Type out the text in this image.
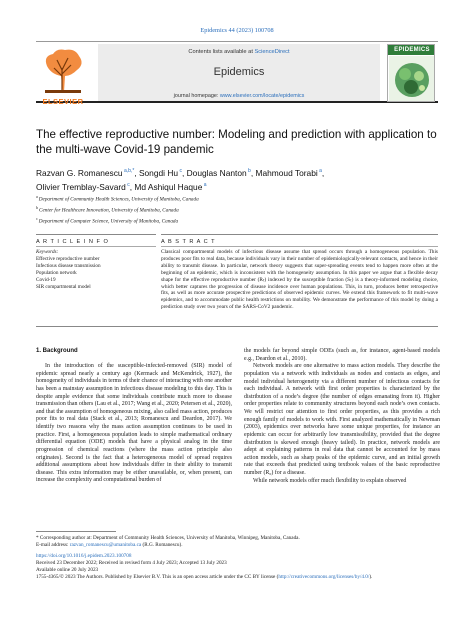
Epidemics 44 (2023) 100708
ELSEVIER
Contents lists available at ScienceDirect
Epidemics
journal homepage: www.elsevier.com/locate/epidemics
EPIDEMICS
The effective reproductive number: Modeling and prediction with application to the multi-wave Covid-19 pandemic
Razvan G. Romanescu $^{a,b,*}$, Songdi Hu $^c$, Douglas Nanton $^b$, Mahmoud Torabi $^a$,
Olivier Tremblay-Savard $^c$, Md Ashiqul Haque $^a$
$^a$ Department of Community Health Sciences, University of Manitoba, Canada
$^b$ Center for Healthcare Innovation, University of Manitoba, Canada
$^c$ Department of Computer Science, University of Manitoba, Canada
A R T I C L E I N F O	A B S T R A C T
Keywords:
Effective reproductive number
Infectious disease transmission
Population network
Covid-19
SIR compartmental model
Classical compartmental models of infectious disease assume that spread occurs through a homogeneous population. This produces poor fits to real data, because individuals vary in their number of epidemiologically-relevant contacts, and hence in their ability to transmit disease. In particular, network theory suggests that super-spreading events tend to happen more often at the beginning of an epidemic, which is inconsistent with the homogeneity assumption. In this paper we argue that a flexible decay shape for the effective reproductive number (Rₜ) indexed by the susceptible fraction (Sₜ) is a theory-informed modeling choice, which better captures the progression of disease incidence over human populations. This, in turn, produces better retrospective fits, as well as more accurate prospective predictions of observed epidemic curves. We extend this framework to fit multi-wave epidemics, and to accommodate public health restrictions on mobility. We demonstrate the performance of this model by doing a prediction study over two years of the SARS-CoV2 pandemic.
1. Background

In the introduction of the susceptible-infected-removed (SIR) model of epidemic spread nearly a century ago (Kermack and McKendrick, 1927), the homogeneity of individuals in terms of their chance of interacting with one another has been a mainstay assumption in infectious disease modeling to this day. This is despite ample evidence that some individuals contribute much more to disease transmission than others (Lau et al., 2017; Wang et al., 2020; Petersen et al., 2020), and that the assumption of homogeneous mixing, also called mass action, produces poor fits to real data (Stack et al., 2013; Romanescu and Deardon, 2017). We identify two reasons why the mass action assumption continues to be used in practice. First, a homogeneous population leads to simple mathematical ordinary differential equation (ODE) models that have a physical analog in the time progression of chemical reactions (where the mass action principle also originates). Second is the fact that a heterogeneous model of spread requires additional assumptions about how individuals differ in their ability to transmit disease. This extra information may be either unavailable, or, when present, can increase the complexity and computational burden of

the models far beyond simple ODEs (such as, for instance, agent-based models e.g., Deardon et al., 2010).

Network models are one alternative to mass action models. They describe the population via a network with individuals as nodes and contacts as edges, and model individual heterogeneity via a different number of infectious contacts for each individual. A network with first order properties is characterized by the distribution of a node’s degree (the number of edges emanating from it). Higher order properties relate to community structures beyond each node’s own contacts. We will restrict our attention to first order properties, as this provides a rich enough family of models to work with. First analyzed mathematically in Newman (2003), epidemics over networks have some unique properties, for instance an epidemic can occur for arbitrarily low transmissibility, provided that the degree distribution is skewed enough (heavy tailed). In practice, network models are adept at explaining patterns in real data that cannot be accounted for by mass action models, such as sharp peaks of the epidemic curve, and an initial growth rate that exceeds that predicted using textbook values of the basic reproductive number (R₀) for a disease.

While network models offer much flexibility to explain observed

* Corresponding author at: Department of Community Health Sciences, University of Manitoba, Winnipeg, Manitoba, Canada.
E-mail address: razvan_romanescu@umanitoba.ca (R.G. Romanescu).
https://doi.org/10.1016/j.epidem.2023.100708
Received 23 December 2022; Received in revised form 4 July 2023; Accepted 13 July 2023
Available online 20 July 2023
1755-4365/© 2023 The Authors. Published by Elsevier B.V. This is an open access article under the CC BY license (http://creativecommons.org/licenses/by/4.0/).
